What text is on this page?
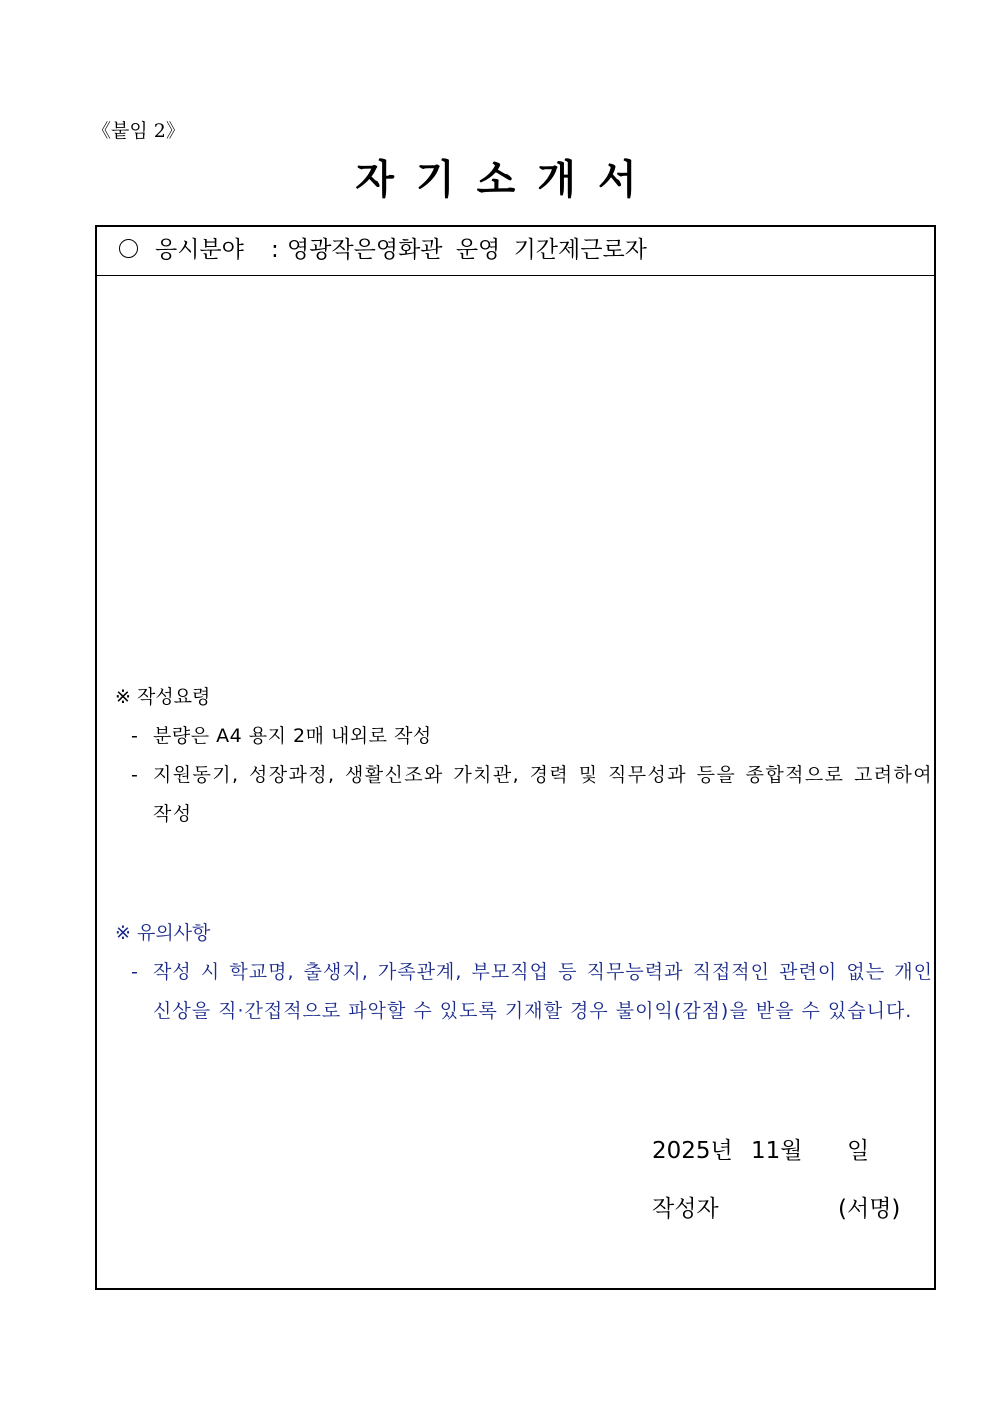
《붙임 2》
자기소개서
응시분야 : 영광작은영화관 운영 기간제근로자
※ 작성요령
- 분량은 A4 용지 2매 내외로 작성
- 지원동기, 성장과정, 생활신조와 가치관, 경력 및 직무성과 등을 종합적으로 고려하여 작성
※ 유의사항
- 작성 시 학교명, 출생지, 가족관계, 부모직업 등 직무능력과 직접적인 관련이 없는 개인 신상을 직·간접적으로 파악할 수 있도록 기재할 경우 불이익(감점)을 받을 수 있습니다.
2025년 11월 일
작성자	(서명)
